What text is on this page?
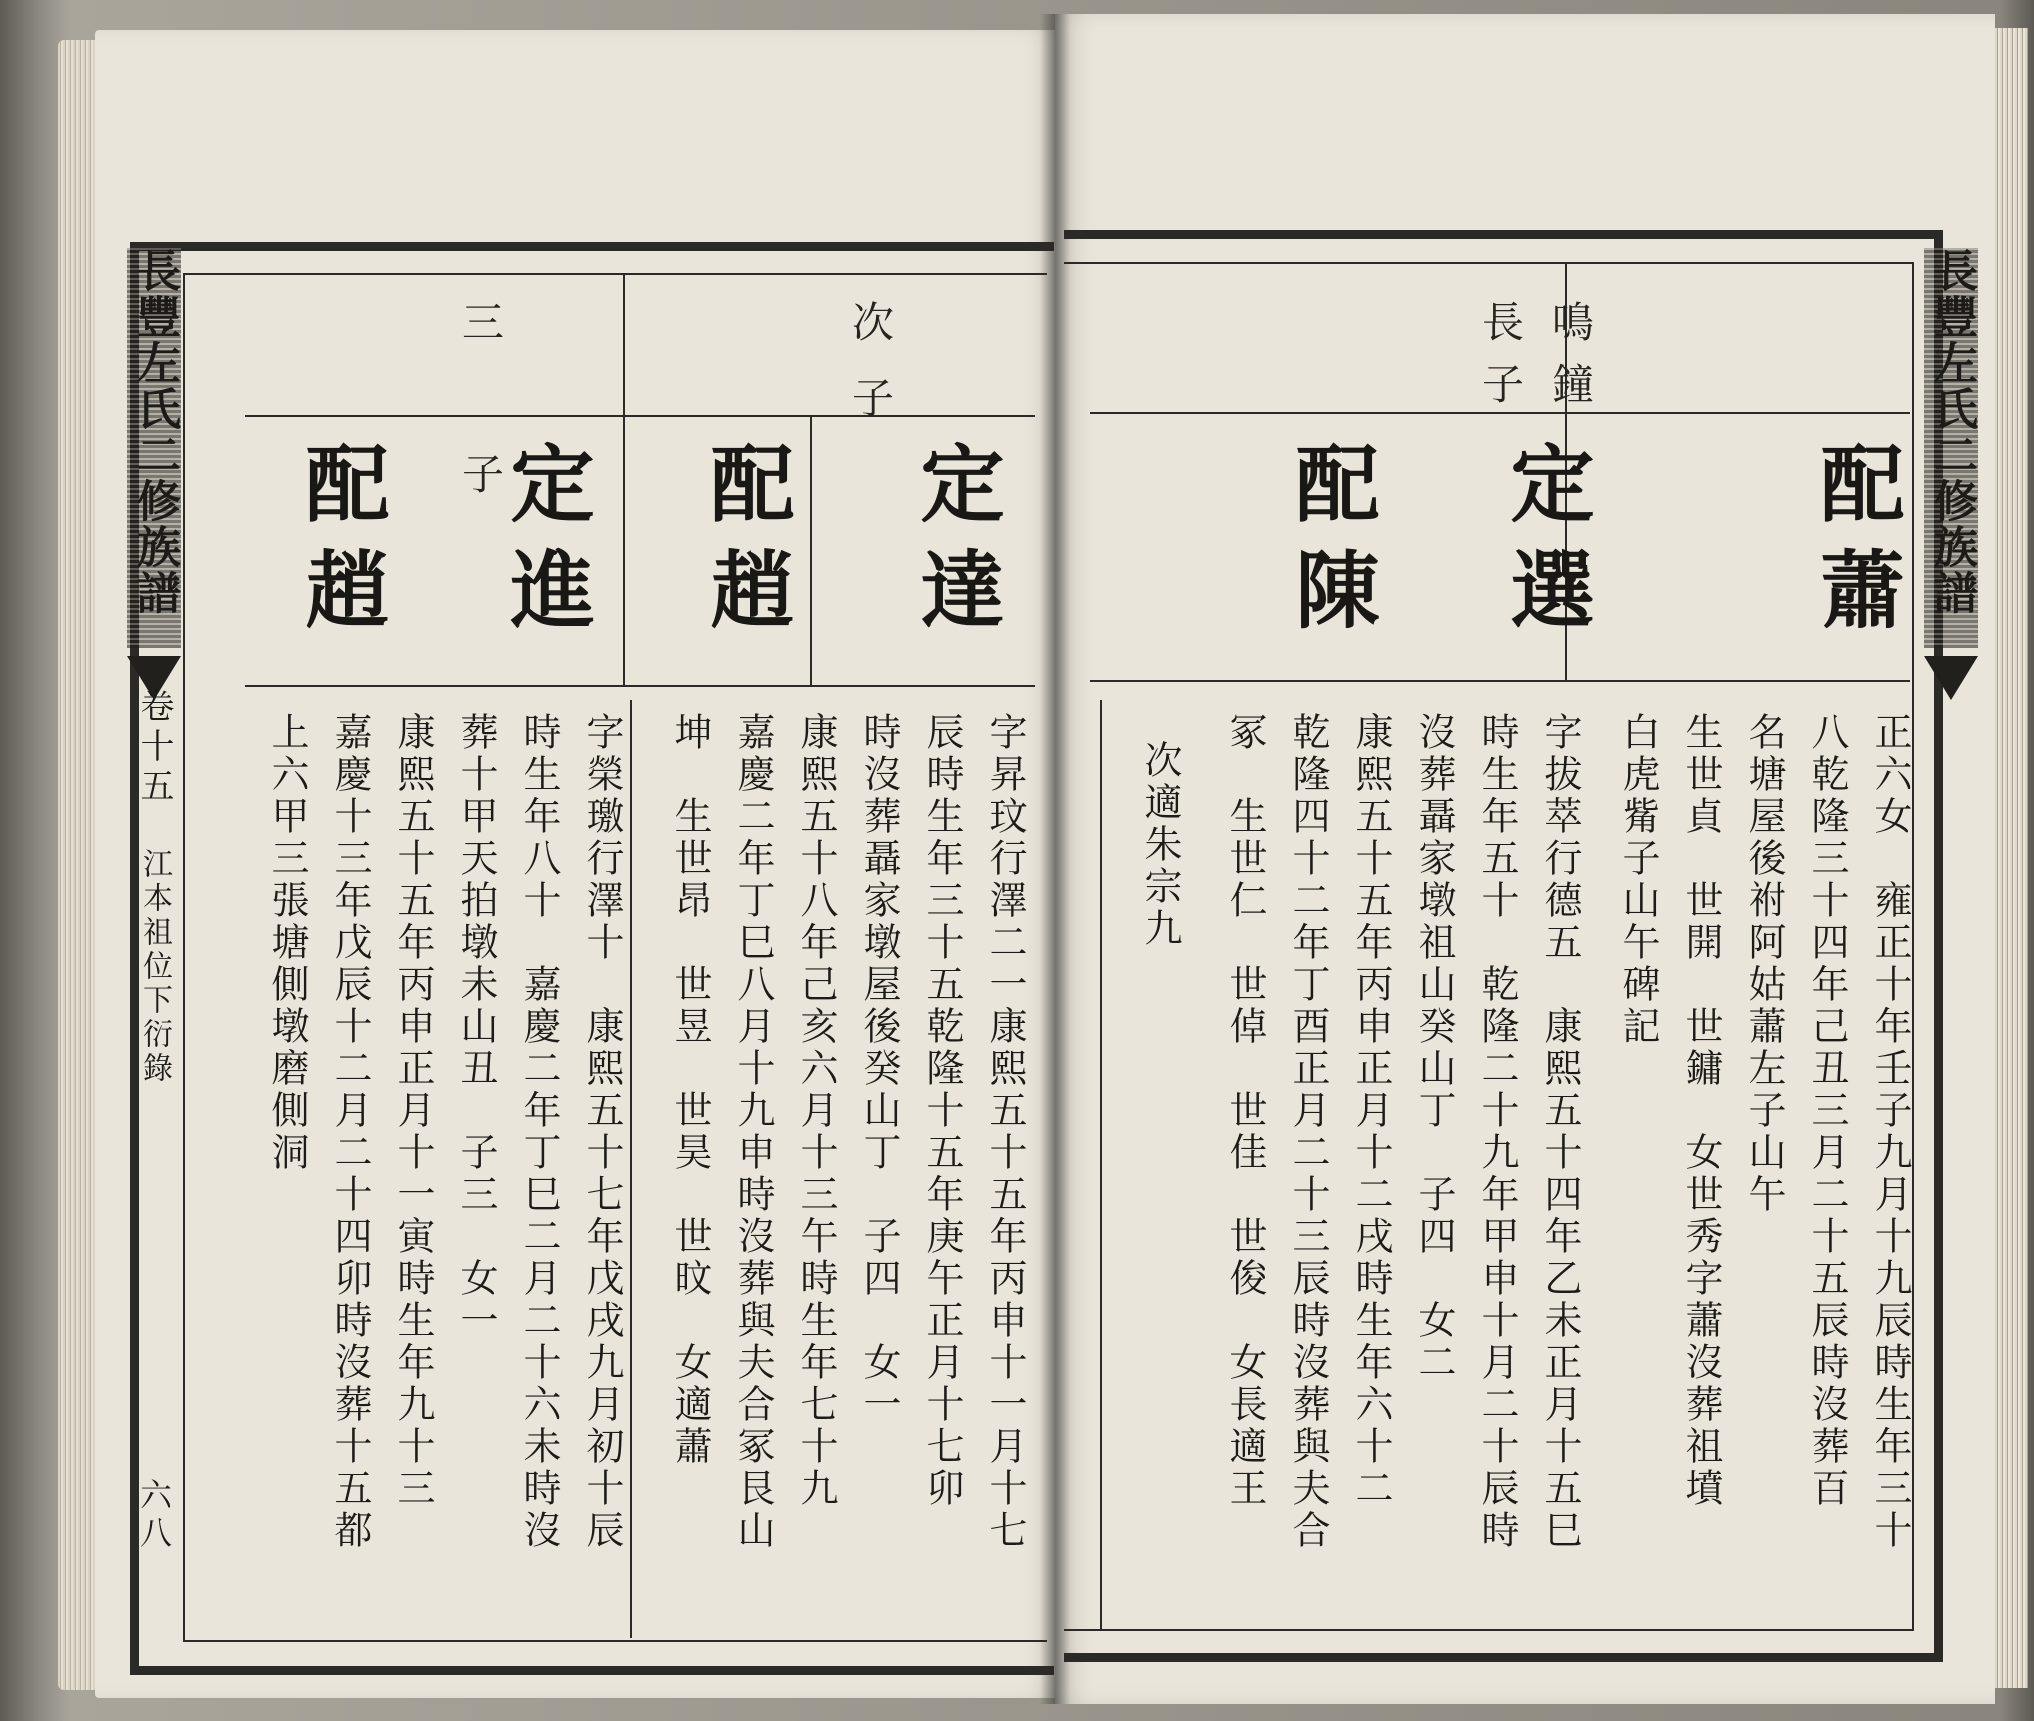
長豐左氏二修族譜
卷十五
江本祖位下衍錄
六八
長豐左氏二修族譜
次子
定達
配趙
三子
定進
配趙
字昇玟行澤二一康熙五十五年丙申十一月十七
辰時生年三十五乾隆十五年庚午正月十七卯
時沒葬聶家墩屋後癸山丁　子四　女一
康熙五十八年己亥六月十三午時生年七十九
嘉慶二年丁巳八月十九申時沒葬與夫合冢艮山
坤　生世昂　世昱　世昊　世旼　女適蕭
字榮璬行澤十　康熙五十七年戊戌九月初十辰
時生年八十　嘉慶二年丁巳二月二十六未時沒
葬十甲天拍墩未山丑　子三　女一
康熙五十五年丙申正月十一寅時生年九十三
嘉慶十三年戊辰十二月二十四卯時沒葬十五都
上六甲三張塘側墩磨側洞
配蕭
鳴鐘
長子
定選
配陳
正六女　雍正十年壬子九月十九辰時生年三十
八乾隆三十四年己丑三月二十五辰時沒葬百
名塘屋後祔阿姑蕭左子山午
生世貞　世開　世鏞　女世秀字蕭沒葬祖墳
白虎觜子山午碑記
字拔萃行德五　康熙五十四年乙未正月十五巳
時生年五十　乾隆二十九年甲申十月二十辰時
沒葬聶家墩祖山癸山丁　子四　女二
康熙五十五年丙申正月十二戌時生年六十二
乾隆四十二年丁酉正月二十三辰時沒葬與夫合
冢　生世仁　世倬　世佳　世俊　女長適王
次適朱宗九
